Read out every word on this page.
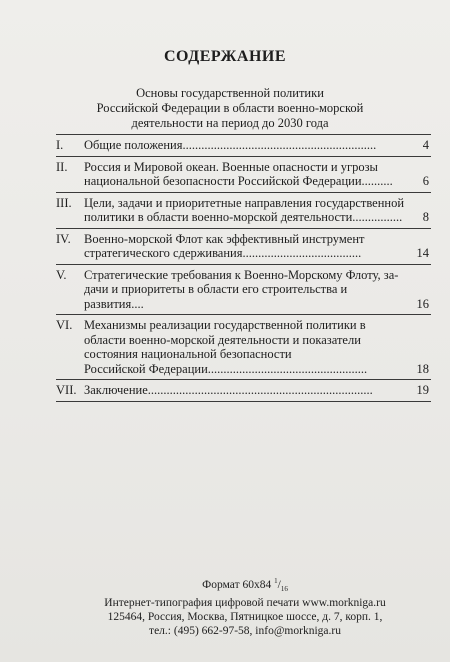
СОДЕРЖАНИЕ
Основы государственной политики
Российской Федерации в области военно-морской
деятельности на период до 2030 года
I.	Общие положения..............................................................	4
II.	Россия и Мировой океан. Военные опасности и угрозы
национальной безопасности Российской Федерации..........	6
III. Цели, задачи и приоритетные направления государственной
политики в области военно-морской деятельности................ 8
IV.	Военно-морской Флот как эффективный инструмент
стратегического сдерживания......................................	14
V.	Стратегические требования к Военно-Морскому Флоту, за-
дачи и приоритеты в области его строительства и развития....	16
VI. Механизмы реализации государственной политики в
области военно-морской деятельности и показатели
состояния национальной безопасности
Российской Федерации...................................................	18
VII. Заключение........................................................................	19
Формат 60x84 $^1/_{16}$
Интернет-типография цифровой печати www.morkniga.ru
125464, Россия, Москва, Пятницкое шоссе, д. 7, корп. 1,
тел.: (495) 662-97-58, info@morkniga.ru
